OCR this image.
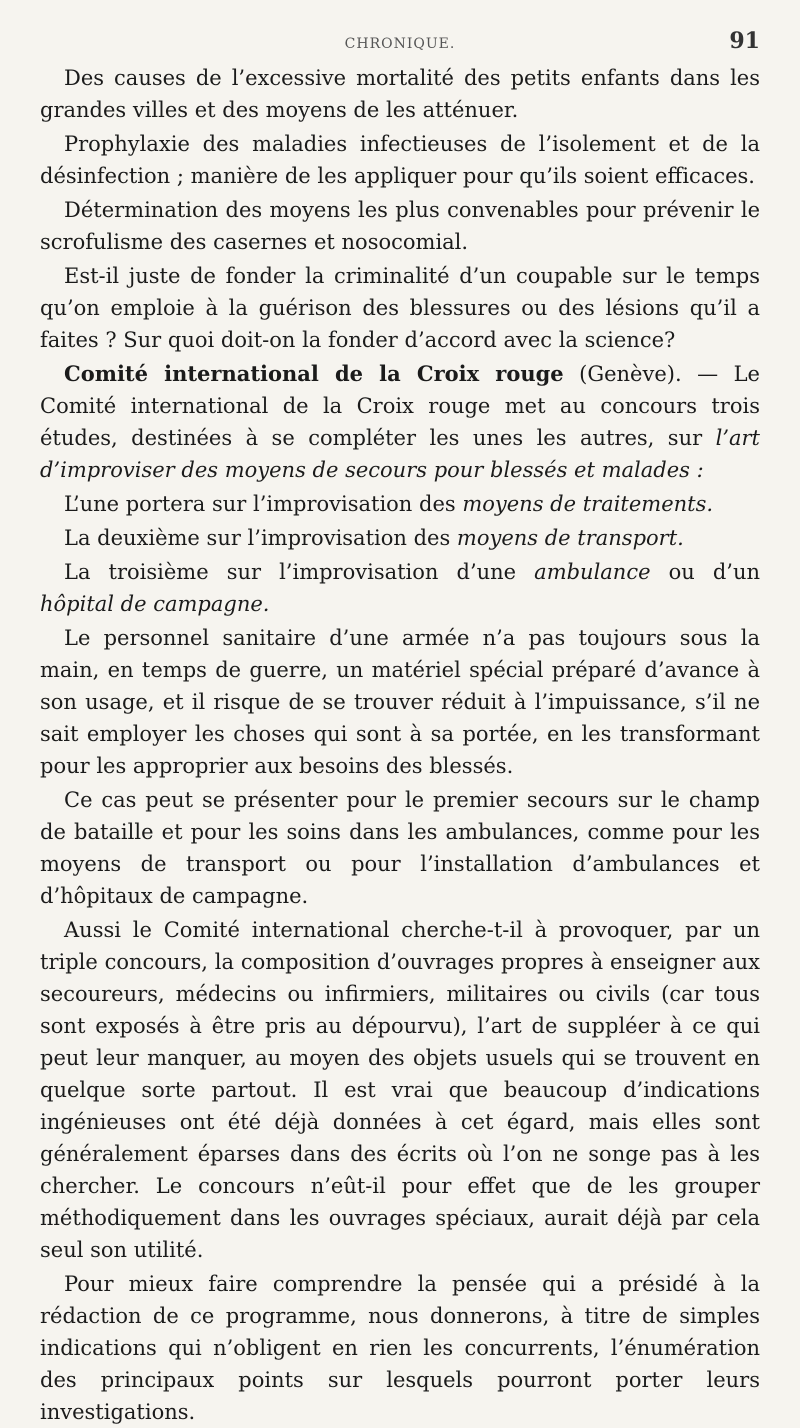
CHRONIQUE.	91

Des causes de l’excessive mortalité des petits enfants dans les grandes villes et des moyens de les atténuer.

Prophylaxie des maladies infectieuses de l’isolement et de la désinfection ; manière de les appliquer pour qu’ils soient efficaces.

Détermination des moyens les plus convenables pour prévenir le scrofulisme des casernes et nosocomial.

Est-il juste de fonder la criminalité d’un coupable sur le temps qu’on emploie à la guérison des blessures ou des lésions qu’il a faites ? Sur quoi doit-on la fonder d’accord avec la science?

Comité international de la Croix rouge (Genève). — Le Comité international de la Croix rouge met au concours trois études, destinées à se compléter les unes les autres, sur l’art d’improviser des moyens de secours pour blessés et malades :

L’une portera sur l’improvisation des moyens de traitements.

La deuxième sur l’improvisation des moyens de transport.

La troisième sur l’improvisation d’une ambulance ou d’un hôpital de campagne.

Le personnel sanitaire d’une armée n’a pas toujours sous la main, en temps de guerre, un matériel spécial préparé d’avance à son usage, et il risque de se trouver réduit à l’impuissance, s’il ne sait employer les choses qui sont à sa portée, en les transformant pour les approprier aux besoins des blessés.

Ce cas peut se présenter pour le premier secours sur le champ de bataille et pour les soins dans les ambulances, comme pour les moyens de transport ou pour l’installation d’ambulances et d’hôpitaux de campagne.

Aussi le Comité international cherche-t-il à provoquer, par un triple concours, la composition d’ouvrages propres à enseigner aux secoureurs, médecins ou infirmiers, militaires ou civils (car tous sont exposés à être pris au dépourvu), l’art de suppléer à ce qui peut leur manquer, au moyen des objets usuels qui se trouvent en quelque sorte partout. Il est vrai que beaucoup d’indications ingénieuses ont été déjà données à cet égard, mais elles sont généralement éparses dans des écrits où l’on ne songe pas à les chercher. Le concours n’eût-il pour effet que de les grouper méthodiquement dans les ouvrages spéciaux, aurait déjà par cela seul son utilité.

Pour mieux faire comprendre la pensée qui a présidé à la rédaction de ce programme, nous donnerons, à titre de simples indications qui n’obligent en rien les concurrents, l’énumération des principaux points sur lesquels pourront porter leurs investigations.
